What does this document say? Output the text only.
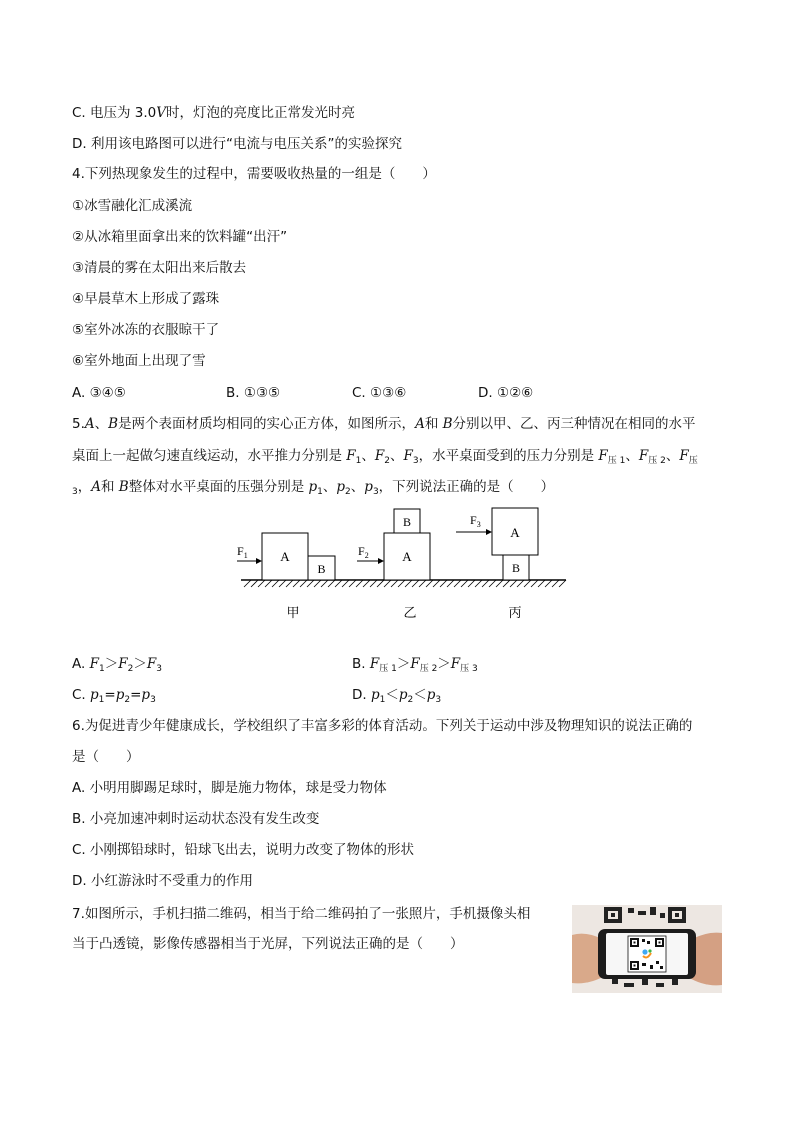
C. 电压为 3.0V时，灯泡的亮度比正常发光时亮
D. 利用该电路图可以进行“电流与电压关系”的实验探究
4.下列热现象发生的过程中，需要吸收热量的一组是（　　）
①冰雪融化汇成溪流
②从冰箱里面拿出来的饮料罐“出汗”
③清晨的雾在太阳出来后散去
④早晨草木上形成了露珠
⑤室外冰冻的衣服晾干了
⑥室外地面上出现了雪
A. ③④⑤	B. ①③⑤	C. ①③⑥	D. ①②⑥
5.A、B是两个表面材质均相同的实心正方体，如图所示，A和 B分别以甲、乙、丙三种情况在相同的水平
桌面上一起做匀速直线运动，水平推力分别是 $F_1$、$F_2$、$F_3$，水平桌面受到的压力分别是 $F_{压 1}$、$F_{压 2}$、$F_压$
$_3$，A和 B整体对水平桌面的压强分别是 $p_1$、$p_2$、$p_3$，下列说法正确的是（　　）
A
B
$F_1$
甲
A
B
$F_2$
乙
A
B
$F_3$
丙
A. $F_1>F_2>F_3$	B. $F_{压 1}>F_{压 2}>F_{压 3}$
C. $p_1=p_2=p_3$	D. $p_1<p_2<p_3$
6.为促进青少年健康成长，学校组织了丰富多彩的体育活动。下列关于运动中涉及物理知识的说法正确的
是（　　）
A. 小明用脚踢足球时，脚是施力物体，球是受力物体
B. 小亮加速冲刺时运动状态没有发生改变
C. 小刚掷铅球时，铅球飞出去，说明力改变了物体的形状
D. 小红游泳时不受重力的作用
7.如图所示，手机扫描二维码，相当于给二维码拍了一张照片，手机摄像头相
当于凸透镜，影像传感器相当于光屏，下列说法正确的是（　　）
